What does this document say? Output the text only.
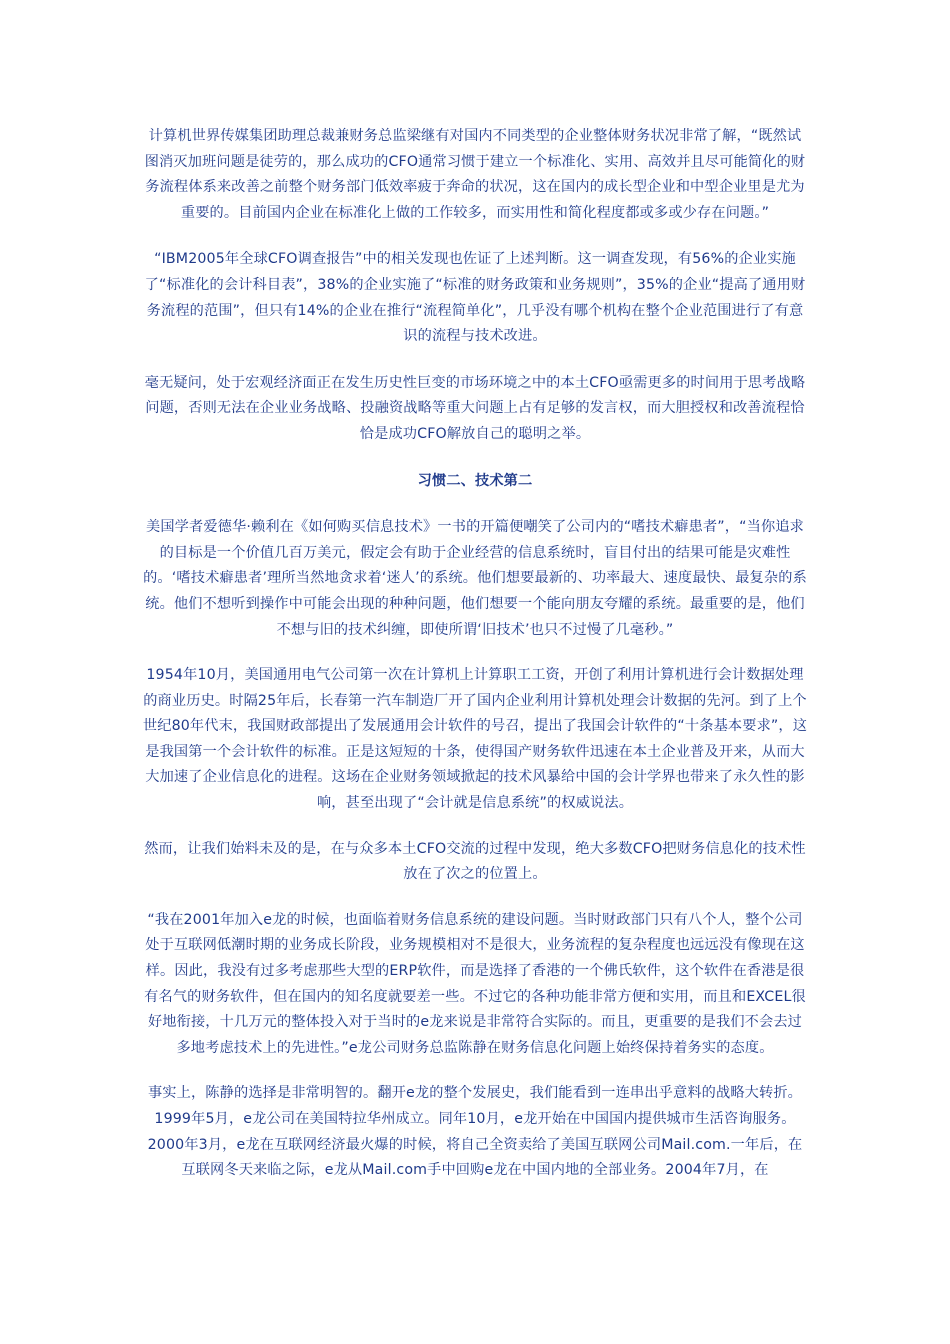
计算机世界传媒集团助理总裁兼财务总监梁继有对国内不同类型的企业整体财务状况非常了解，“既然试图消灭加班问题是徒劳的，那么成功的CFO通常习惯于建立一个标准化、实用、高效并且尽可能简化的财务流程体系来改善之前整个财务部门低效率疲于奔命的状况，这在国内的成长型企业和中型企业里是尤为重要的。目前国内企业在标准化上做的工作较多，而实用性和简化程度都或多或少存在问题。”

“IBM2005年全球CFO调查报告”中的相关发现也佐证了上述判断。这一调查发现，有56%的企业实施了“标准化的会计科目表”，38%的企业实施了“标准的财务政策和业务规则”，35%的企业“提高了通用财务流程的范围”，但只有14%的企业在推行“流程简单化”，几乎没有哪个机构在整个企业范围进行了有意识的流程与技术改进。

毫无疑问，处于宏观经济面正在发生历史性巨变的市场环境之中的本土CFO亟需更多的时间用于思考战略问题，否则无法在企业业务战略、投融资战略等重大问题上占有足够的发言权，而大胆授权和改善流程恰恰是成功CFO解放自己的聪明之举。

习惯二、技术第二

美国学者爱德华·赖利在《如何购买信息技术》一书的开篇便嘲笑了公司内的“嗜技术癖患者”，“当你追求的目标是一个价值几百万美元，假定会有助于企业经营的信息系统时，盲目付出的结果可能是灾难性的。‘嗜技术癖患者’理所当然地贪求着‘迷人’的系统。他们想要最新的、功率最大、速度最快、最复杂的系统。他们不想听到操作中可能会出现的种种问题，他们想要一个能向朋友夸耀的系统。最重要的是，他们不想与旧的技术纠缠，即使所谓‘旧技术’也只不过慢了几毫秒。”

1954年10月，美国通用电气公司第一次在计算机上计算职工工资，开创了利用计算机进行会计数据处理的商业历史。时隔25年后，长春第一汽车制造厂开了国内企业利用计算机处理会计数据的先河。到了上个世纪80年代末，我国财政部提出了发展通用会计软件的号召，提出了我国会计软件的“十条基本要求”，这是我国第一个会计软件的标准。正是这短短的十条，使得国产财务软件迅速在本土企业普及开来，从而大大加速了企业信息化的进程。这场在企业财务领域掀起的技术风暴给中国的会计学界也带来了永久性的影响，甚至出现了“会计就是信息系统”的权威说法。

然而，让我们始料未及的是，在与众多本土CFO交流的过程中发现，绝大多数CFO把财务信息化的技术性放在了次之的位置上。

“我在2001年加入e龙的时候，也面临着财务信息系统的建设问题。当时财政部门只有八个人，整个公司处于互联网低潮时期的业务成长阶段，业务规模相对不是很大，业务流程的复杂程度也远远没有像现在这样。因此，我没有过多考虑那些大型的ERP软件，而是选择了香港的一个佛氏软件，这个软件在香港是很有名气的财务软件，但在国内的知名度就要差一些。不过它的各种功能非常方便和实用，而且和EXCEL很好地衔接，十几万元的整体投入对于当时的e龙来说是非常符合实际的。而且，更重要的是我们不会去过多地考虑技术上的先进性。”e龙公司财务总监陈静在财务信息化问题上始终保持着务实的态度。

事实上，陈静的选择是非常明智的。翻开e龙的整个发展史，我们能看到一连串出乎意料的战略大转折。1999年5月，e龙公司在美国特拉华州成立。同年10月，e龙开始在中国国内提供城市生活咨询服务。2000年3月，e龙在互联网经济最火爆的时候，将自己全资卖给了美国互联网公司Mail.com.一年后，在互联网冬天来临之际，e龙从Mail.com手中回购e龙在中国内地的全部业务。2004年7月，在
